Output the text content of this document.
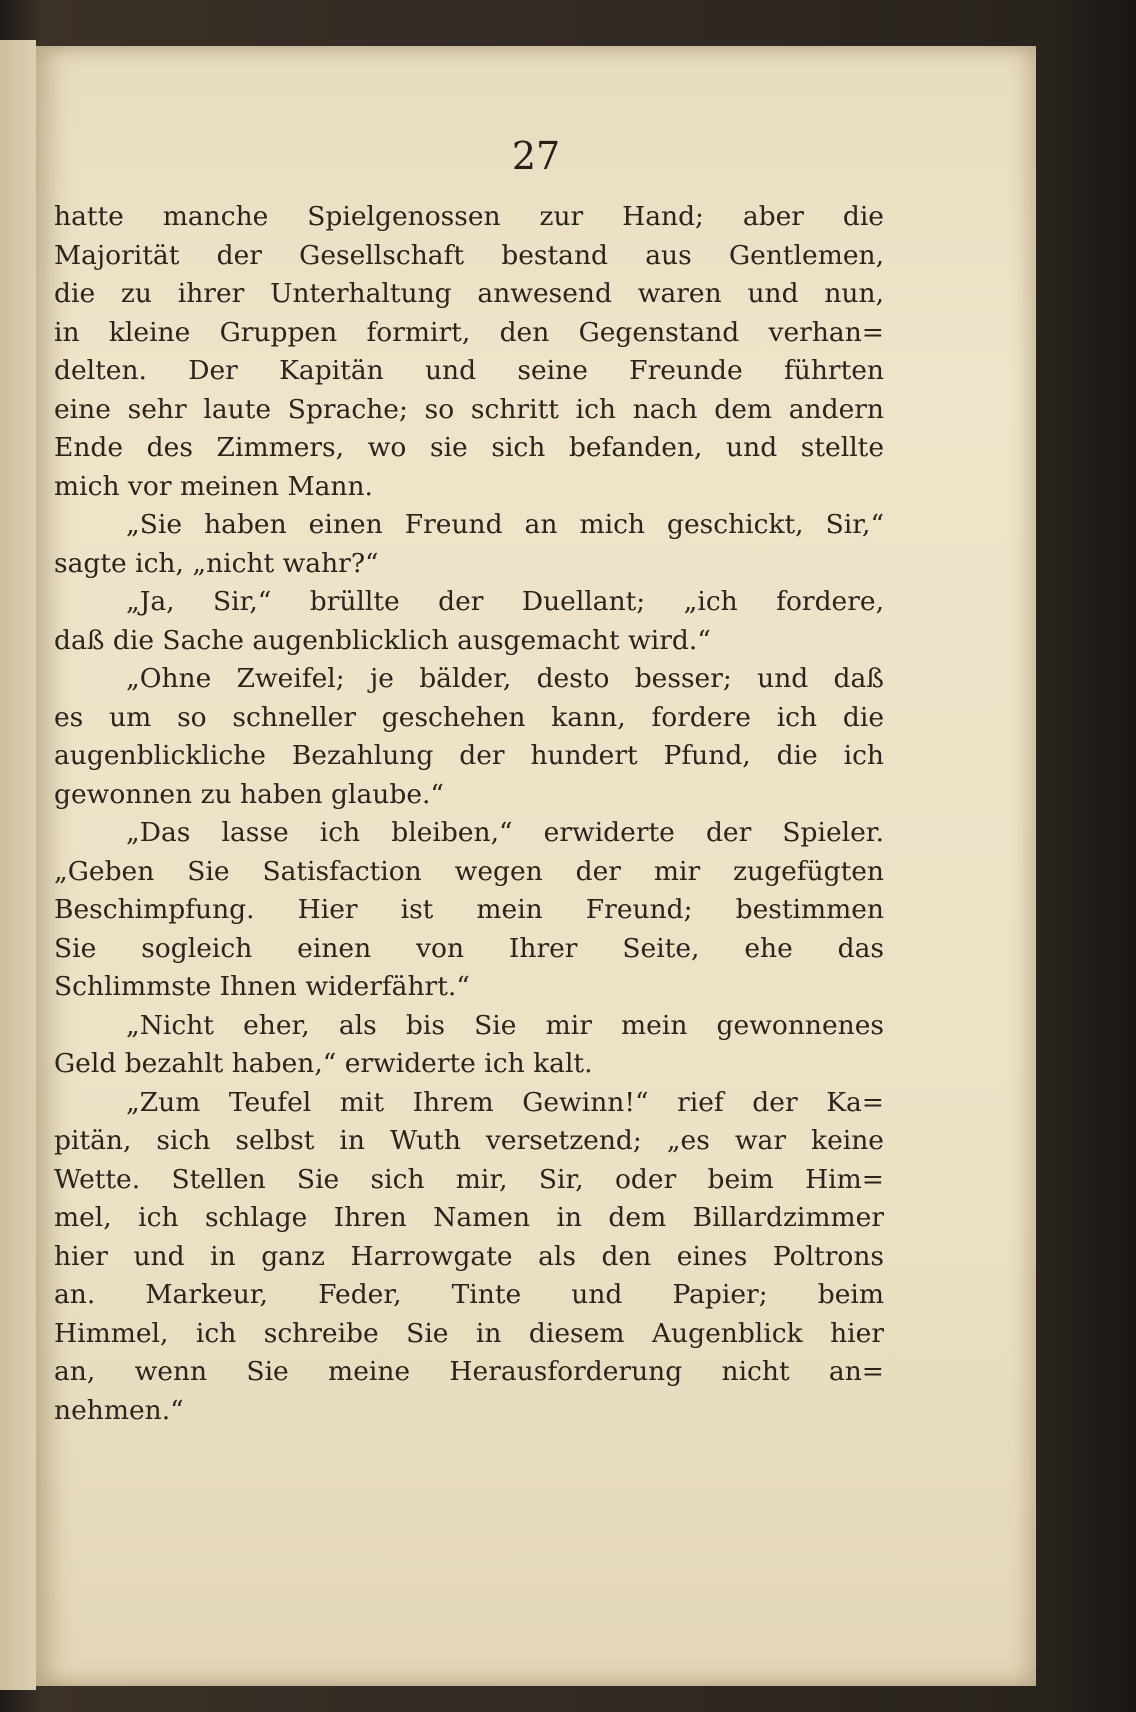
27
hatte manche Spielgenossen zur Hand; aber die
Majorität der Gesellschaft bestand aus Gentlemen,
die zu ihrer Unterhaltung anwesend waren und nun,
in kleine Gruppen formirt, den Gegenstand verhan=
delten. Der Kapitän und seine Freunde führten
eine sehr laute Sprache; so schritt ich nach dem andern
Ende des Zimmers, wo sie sich befanden, und stellte
mich vor meinen Mann.
„Sie haben einen Freund an mich geschickt, Sir,“
sagte ich, „nicht wahr?“
„Ja, Sir,“ brüllte der Duellant; „ich fordere,
daß die Sache augenblicklich ausgemacht wird.“
„Ohne Zweifel; je bälder, desto besser; und daß
es um so schneller geschehen kann, fordere ich die
augenblickliche Bezahlung der hundert Pfund, die ich
gewonnen zu haben glaube.“
„Das lasse ich bleiben,“ erwiderte der Spieler.
„Geben Sie Satisfaction wegen der mir zugefügten
Beschimpfung. Hier ist mein Freund; bestimmen
Sie sogleich einen von Ihrer Seite, ehe das
Schlimmste Ihnen widerfährt.“
„Nicht eher, als bis Sie mir mein gewonnenes
Geld bezahlt haben,“ erwiderte ich kalt.
„Zum Teufel mit Ihrem Gewinn!“ rief der Ka=
pitän, sich selbst in Wuth versetzend; „es war keine
Wette. Stellen Sie sich mir, Sir, oder beim Him=
mel, ich schlage Ihren Namen in dem Billardzimmer
hier und in ganz Harrowgate als den eines Poltrons
an. Markeur, Feder, Tinte und Papier; beim
Himmel, ich schreibe Sie in diesem Augenblick hier
an, wenn Sie meine Herausforderung nicht an=
nehmen.“
